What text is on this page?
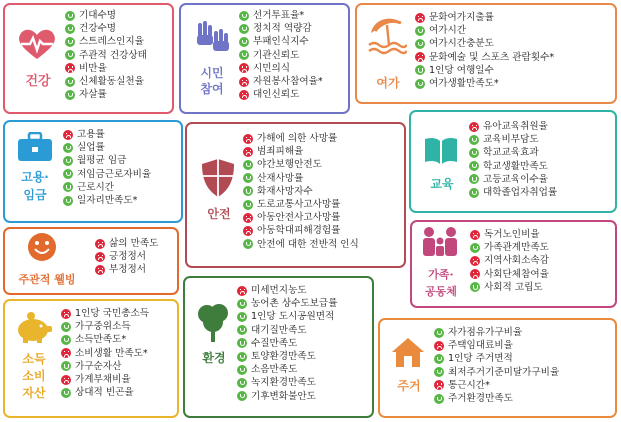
건강
기대수명
건강수명
스트레스인지율
주관적 건강상태
비만율
신체활동실천율
자살률
시민
참여
선거투표율*
정치적 역량감
부패인식지수
기관신뢰도
시민의식
자원봉사참여율*
대인신뢰도
여가
문화여가지출률
여가시간
여가시간충분도
문화예술 및 스포츠 관람횟수*
1인당 여행일수
여가생활만족도*
고용·
임금
고용률
실업률
월평균 임금
저임금근로자비율
근로시간
일자리만족도*
안전
가해에 의한 사망률
범죄피해율
야간보행안전도
산재사망률
화재사망자수
도로교통사고사망률
아동안전사고사망률
아동학대피해경험률
안전에 대한 전반적 인식
교육
유아교육취원율
교육비부담도
학교교육효과
학교생활만족도
고등교육이수율
대학졸업자취업률
주관적 웰빙
삶의 만족도
긍정정서
부정정서	가족·
공동체
독거노인비율
가족관계만족도
지역사회소속감
사회단체참여율
사회적 고립도
소득
소비
자산
1인당 국민총소득
가구중위소득
소득만족도*
소비생활 만족도*
가구순자산
가계부채비율
상대적 빈곤율
환경
미세먼지농도
농어촌 상수도보급률
1인당 도시공원면적
대기질만족도
수질만족도
토양환경만족도
소음만족도
녹지환경만족도
기후변화불안도
주거
자가점유가구비율
주택임대료비율
1인당 주거면적
최저주거기준미달가구비율
통근시간*
주거환경만족도
